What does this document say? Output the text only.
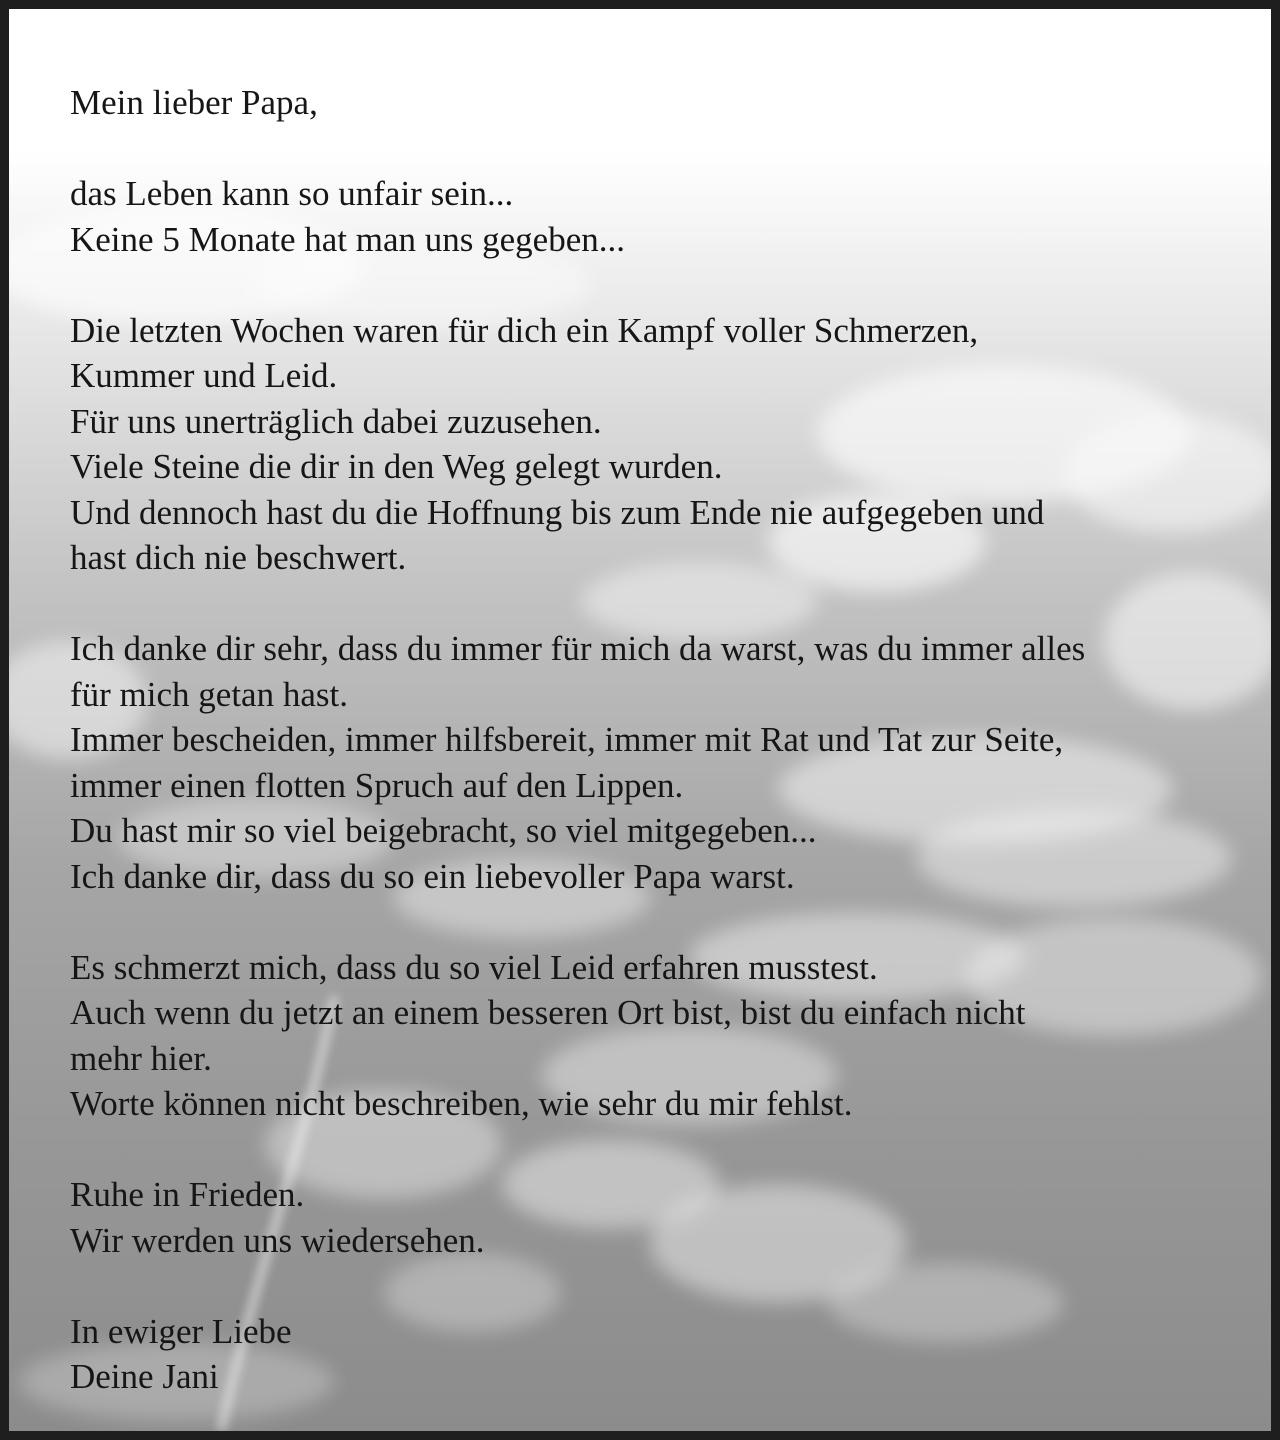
Mein lieber Papa,
das Leben kann so unfair sein...
Keine 5 Monate hat man uns gegeben...
Die letzten Wochen waren für dich ein Kampf voller Schmerzen,
Kummer und Leid.
Für uns unerträglich dabei zuzusehen.
Viele Steine die dir in den Weg gelegt wurden.
Und dennoch hast du die Hoffnung bis zum Ende nie aufgegeben und
hast dich nie beschwert.
Ich danke dir sehr, dass du immer für mich da warst, was du immer alles
für mich getan hast.
Immer bescheiden, immer hilfsbereit, immer mit Rat und Tat zur Seite,
immer einen flotten Spruch auf den Lippen.
Du hast mir so viel beigebracht, so viel mitgegeben...
Ich danke dir, dass du so ein liebevoller Papa warst.
Es schmerzt mich, dass du so viel Leid erfahren musstest.
Auch wenn du jetzt an einem besseren Ort bist, bist du einfach nicht
mehr hier.
Worte können nicht beschreiben, wie sehr du mir fehlst.
Ruhe in Frieden.
Wir werden uns wiedersehen.
In ewiger Liebe
Deine Jani
